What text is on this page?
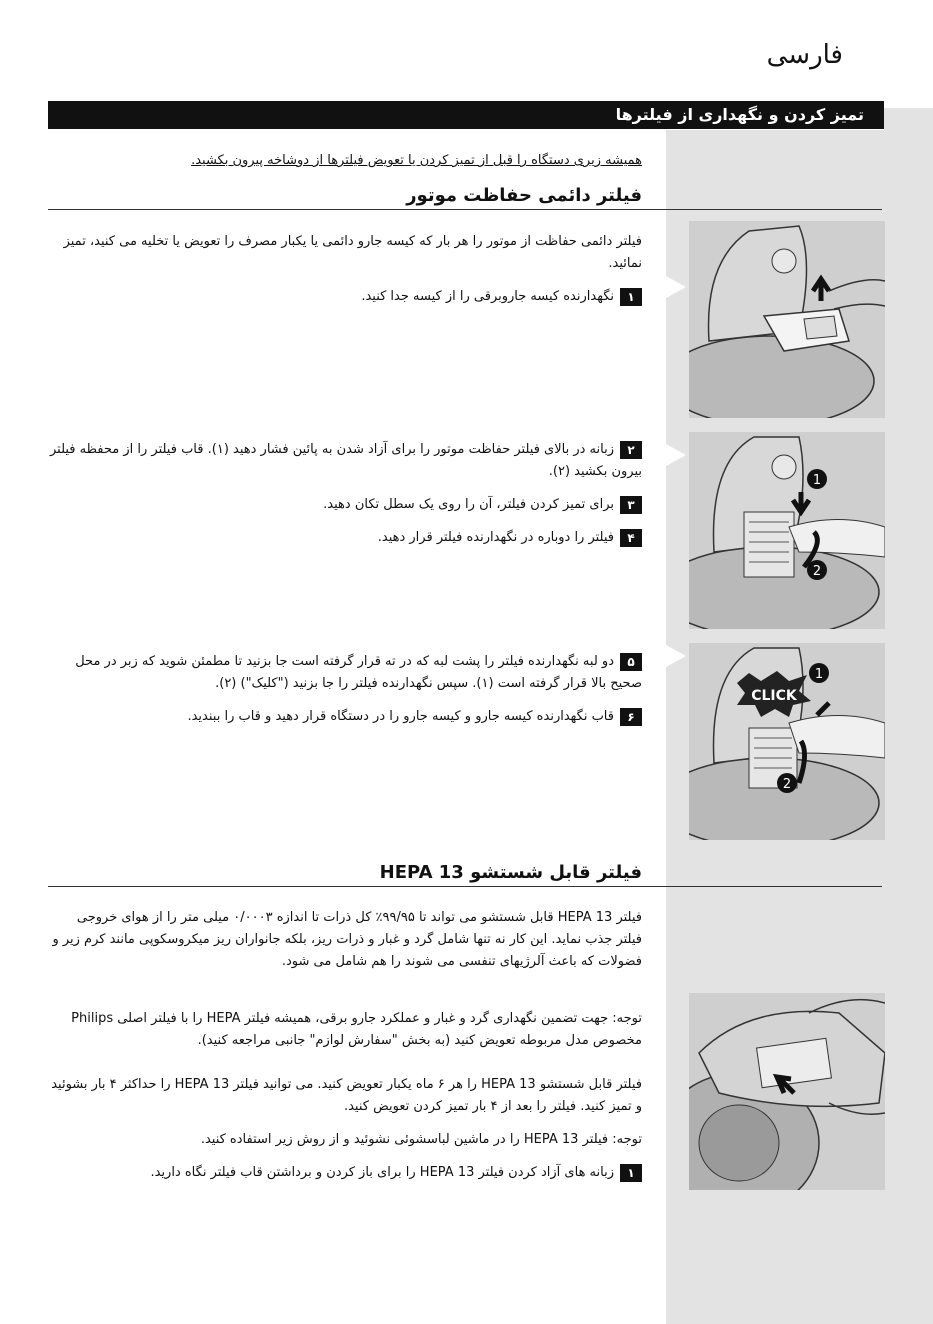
فارسی
تمیز کردن و نگهداری از فیلترها
همیشه زیری دستگاه را قبل از تمیز کردن یا تعویض فیلترها از دوشاخه پیرون بکشید.
فیلتر دائمی حفاظت موتور
فیلتر دائمی حفاظت از موتور را هر بار که کیسه جارو دائمی یا یکبار مصرف را تعویض یا تخلیه می کنید، تمیز نمائید.
۱نگهدارنده کیسه جاروبرقی را از کیسه جدا کنید.
۲زبانه در بالای فیلتر حفاظت موتور را برای آزاد شدن به پائین فشار دهید (۱). قاب فیلتر را از محفظه فیلتر بیرون بکشید (۲).
۳برای تمیز کردن فیلتر، آن را روی یک سطل تکان دهید.
۴فیلتر را دوباره در نگهدارنده فیلتر قرار دهید.
۵دو لبه نگهدارنده فیلتر را پشت لبه که در ته قرار گرفته است جا بزنید تا مطمئن شوید که زبر در محل صحیح بالا قرار گرفته است (۱). سپس نگهدارنده فیلتر را جا بزنید ("کلیک") (۲).
۶قاب نگهدارنده کیسه جارو و کیسه جارو را در دستگاه قرار دهید و قاب را ببندید.
فیلتر قابل شستشو HEPA 13
فیلتر HEPA 13 قابل شستشو می تواند تا ۹۹/۹۵٪ کل ذرات تا اندازه ۰/۰۰۰۳ میلی متر را از هوای خروجی فیلتر جذب نماید. این کار نه تنها شامل گرد و غبار و ذرات ریز، بلکه جانواران ریز میکروسکوپی مانند کرم زیر و فضولات که باعث آلرژیهای تنفسی می شوند را هم شامل می شود.
توجه: جهت تضمین نگهداری گرد و غبار و عملکرد جارو برقی، همیشه فیلتر HEPA را با فیلتر اصلی Philips مخصوص مدل مربوطه تعویض کنید (به بخش "سفارش لوازم" جانبی مراجعه کنید).
فیلتر قابل شستشو HEPA 13 را هر ۶ ماه یکبار تعویض کنید. می توانید فیلتر HEPA 13 را حداکثر ۴ بار بشوئید و تمیز کنید. فیلتر را بعد از ۴ بار تمیز کردن تعویض کنید.
توجه: فیلتر HEPA 13 را در ماشین لباسشوئی نشوئید و از روش زیر استفاده کنید.
۱زبانه های آزاد کردن فیلتر HEPA 13 را برای باز کردن و برداشتن قاب فیلتر نگاه دارید.
1
2
CLICK
1
2
